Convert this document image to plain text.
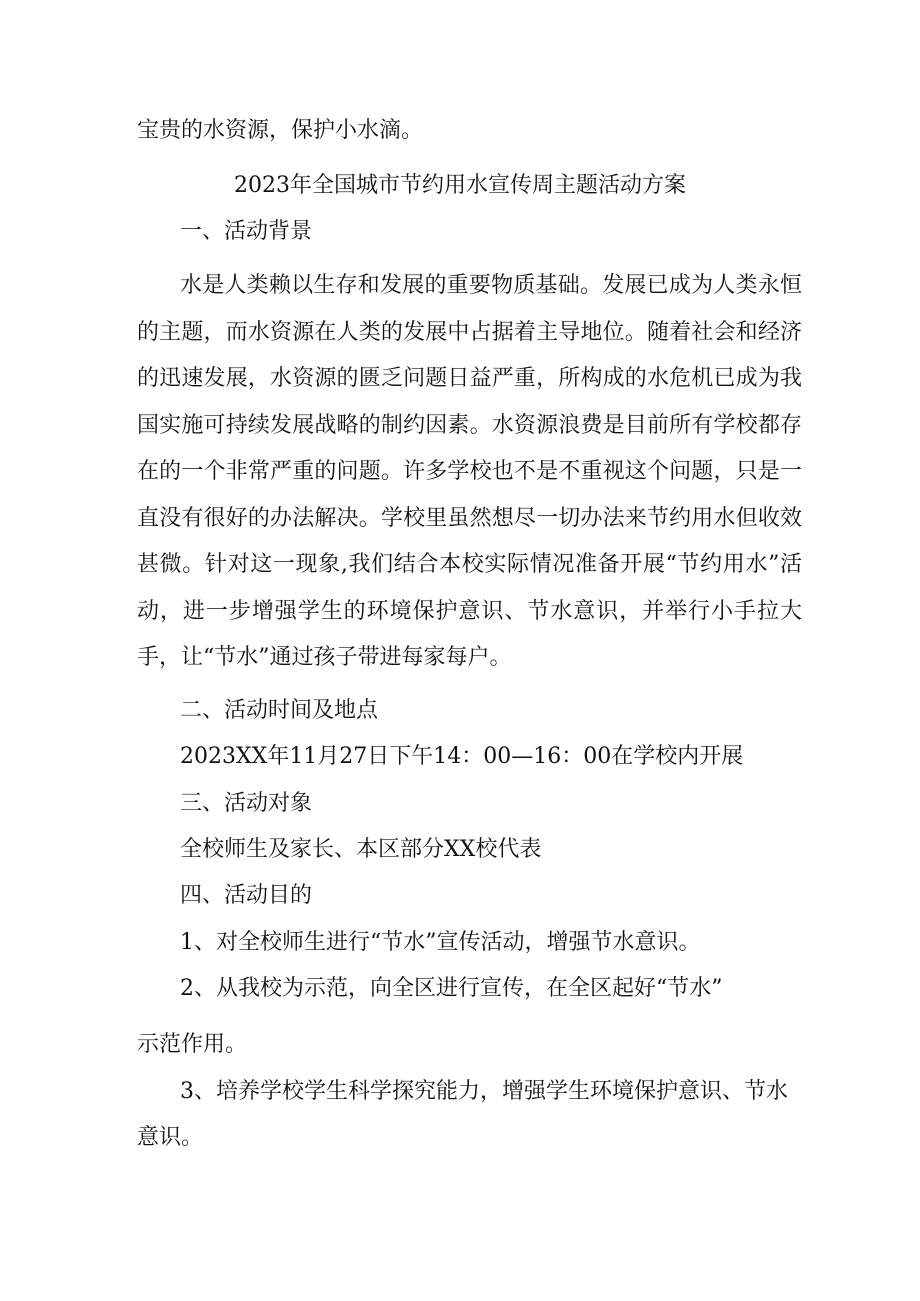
宝贵的水资源，保护小水滴。

2023年全国城市节约用水宣传周主题活动方案

一、活动背景

水是人类赖以生存和发展的重要物质基础。发展已成为人类永恒的主题，而水资源在人类的发展中占据着主导地位。随着社会和经济的迅速发展，水资源的匮乏问题日益严重，所构成的水危机已成为我国实施可持续发展战略的制约因素。水资源浪费是目前所有学校都存在的一个非常严重的问题。许多学校也不是不重视这个问题，只是一直没有很好的办法解决。学校里虽然想尽一切办法来节约用水但收效甚微。针对这一现象,我们结合本校实际情况准备开展“节约用水”活动，进一步增强学生的环境保护意识、节水意识，并举行小手拉大手，让“节水”通过孩子带进每家每户。

二、活动时间及地点

2023XX年11月27日下午14：00—16：00在学校内开展

三、活动对象

全校师生及家长、本区部分XX校代表

四、活动目的

1、对全校师生进行“节水”宣传活动，增强节水意识。

2、从我校为示范，向全区进行宣传，在全区起好“节水”

示范作用。

3、培养学校学生科学探究能力，增强学生环境保护意识、节水

意识。
